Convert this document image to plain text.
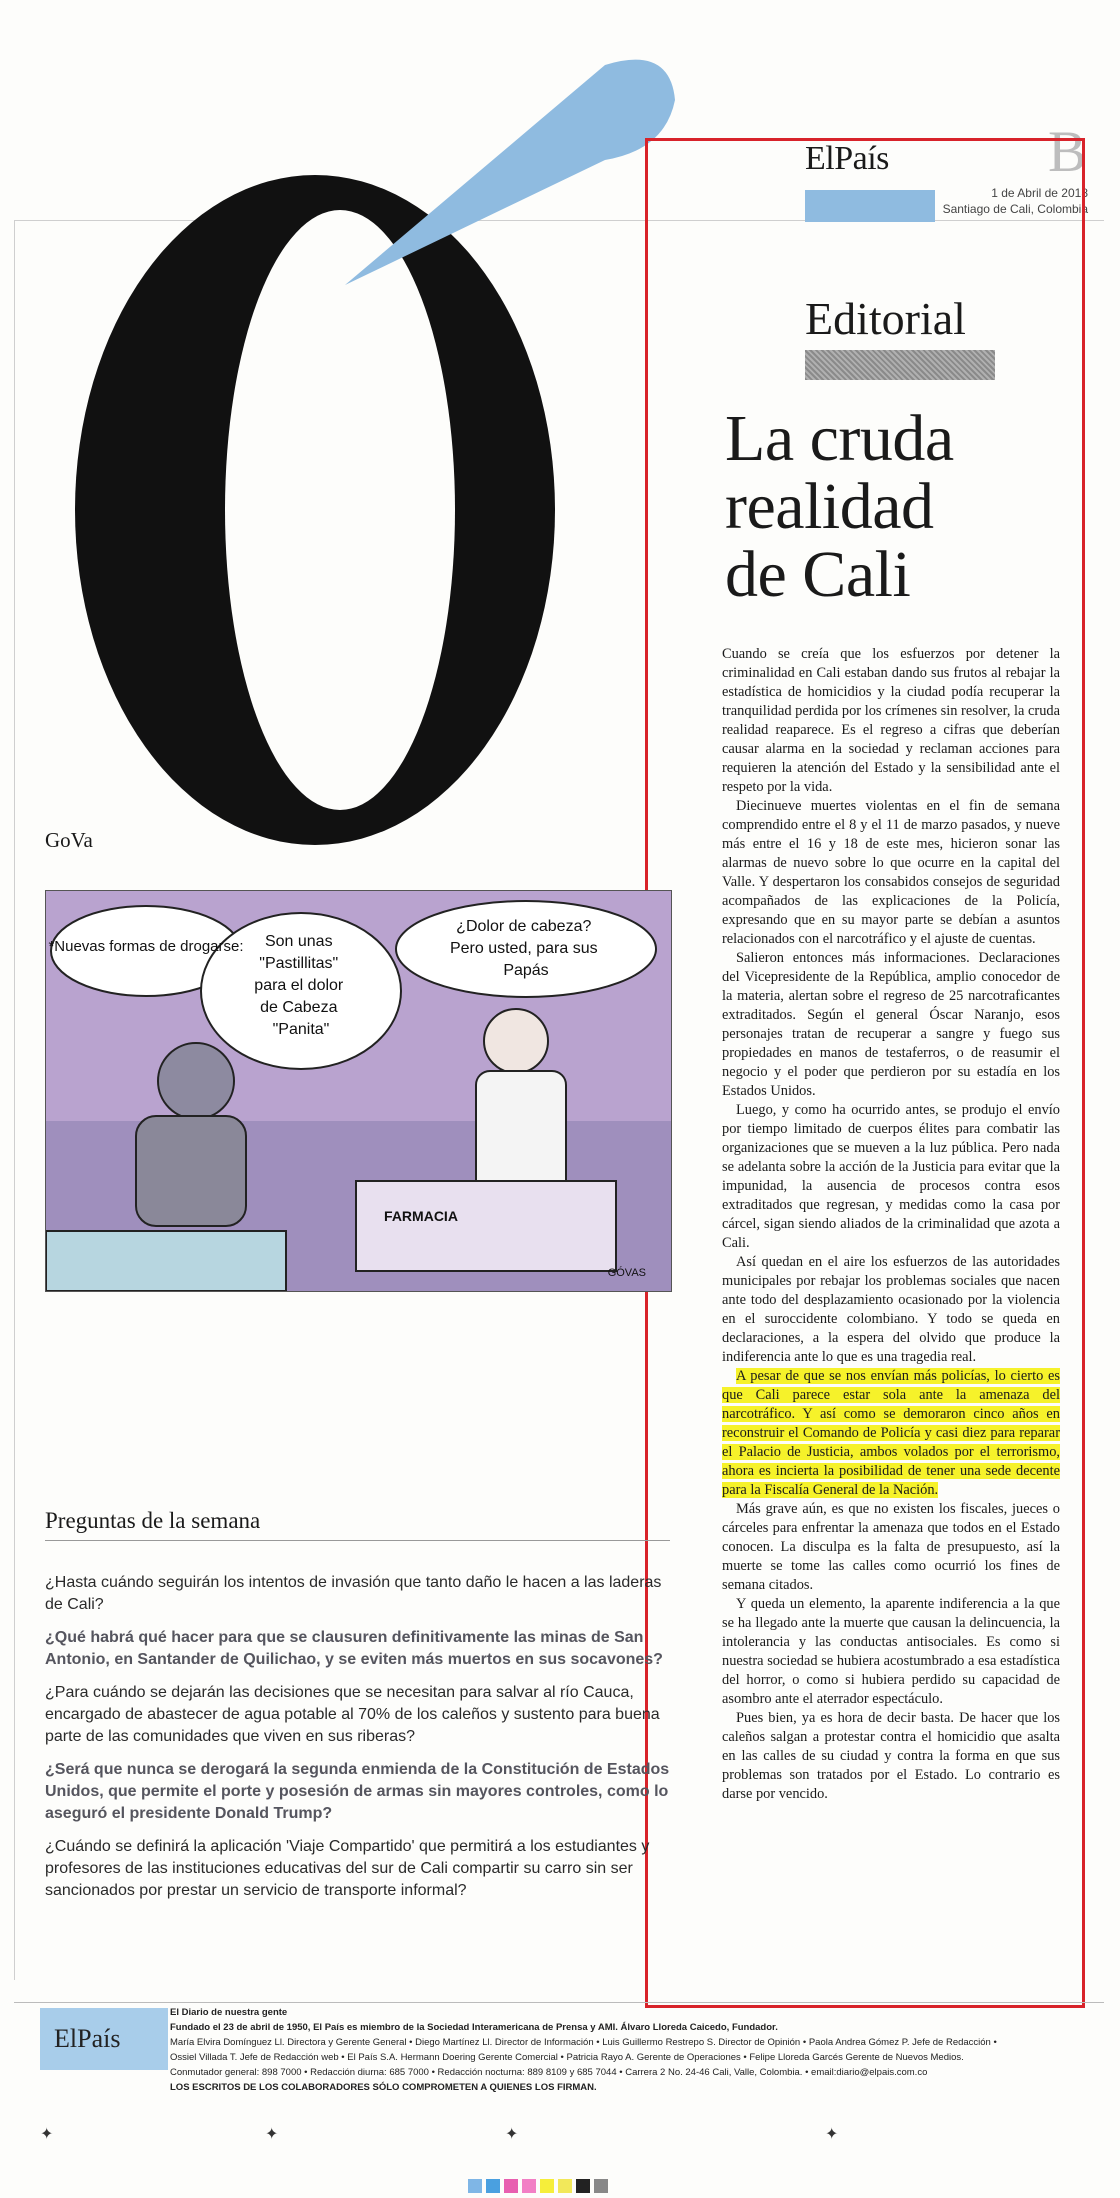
ElPaís	B
1 de Abril de 2018
Santiago de Cali, Colombia
Editorial
La cruda
realidad
de Cali

Cuando se creía que los esfuerzos por detener la criminalidad en Cali estaban dando sus frutos al rebajar la estadística de homicidios y la ciudad podía recuperar la tranquilidad perdida por los crímenes sin resolver, la cruda realidad reaparece. Es el regreso a cifras que deberían causar alarma en la sociedad y reclaman acciones para requieren la atención del Estado y la sensibilidad ante el respeto por la vida.

Diecinueve muertes violentas en el fin de semana comprendido entre el 8 y el 11 de marzo pasados, y nueve más entre el 16 y 18 de este mes, hicieron sonar las alarmas de nuevo sobre lo que ocurre en la capital del Valle. Y despertaron los consabidos consejos de seguridad acompañados de las explicaciones de la Policía, expresando que en su mayor parte se debían a asuntos relacionados con el narcotráfico y el ajuste de cuentas.

Salieron entonces más informaciones. Declaraciones del Vicepresidente de la República, amplio conocedor de la materia, alertan sobre el regreso de 25 narcotraficantes extraditados. Según el general Óscar Naranjo, esos personajes tratan de recuperar a sangre y fuego sus propiedades en manos de testaferros, o de reasumir el negocio y el poder que perdieron por su estadía en los Estados Unidos.

Luego, y como ha ocurrido antes, se produjo el envío por tiempo limitado de cuerpos élites para combatir las organizaciones que se mueven a la luz pública. Pero nada se adelanta sobre la acción de la Justicia para evitar que la impunidad, la ausencia de procesos contra esos extraditados que regresan, y medidas como la casa por cárcel, sigan siendo aliados de la criminalidad que azota a Cali.

Así quedan en el aire los esfuerzos de las autoridades municipales por rebajar los problemas sociales que nacen ante todo del desplazamiento ocasionado por la violencia en el suroccidente colombiano. Y todo se queda en declaraciones, a la espera del olvido que produce la indiferencia ante lo que es una tragedia real.

A pesar de que se nos envían más policías, lo cierto es que Cali parece estar sola ante la amenaza del narcotráfico. Y así como se demoraron cinco años en reconstruir el Comando de Policía y casi diez para reparar el Palacio de Justicia, ambos volados por el terrorismo, ahora es incierta la posibilidad de tener una sede decente para la Fiscalía General de la Nación.

Más grave aún, es que no existen los fiscales, jueces o cárceles para enfrentar la amenaza que todos en el Estado conocen. La disculpa es la falta de presupuesto, así la muerte se tome las calles como ocurrió los fines de semana citados.

Y queda un elemento, la aparente indiferencia a la que se ha llegado ante la muerte que causan la delincuencia, la intolerancia y las conductas antisociales. Es como si nuestra sociedad se hubiera acostumbrado a esa estadística del horror, o como si hubiera perdido su capacidad de asombro ante el aterrador espectáculo.

Pues bien, ya es hora de decir basta. De hacer que los caleños salgan a protestar contra el homicidio que asalta en las calles de su ciudad y contra la forma en que sus problemas son tratados por el Estado. Lo contrario es darse por vencido.

GoVa
*Nuevas formas de drogarse:	Son unas "Pastillitas" para el dolor de Cabeza "Panita"
¿Dolor de cabeza? Pero usted, para sus Papás
FARMACIA
GÓVAS
Preguntas de la semana

¿Hasta cuándo seguirán los intentos de invasión que tanto daño le hacen a las laderas de Cali?

¿Qué habrá qué hacer para que se clausuren definitivamente las minas de San Antonio, en Santander de Quilichao, y se eviten más muertos en sus socavones?

¿Para cuándo se dejarán las decisiones que se necesitan para salvar al río Cauca, encargado de abastecer de agua potable al 70% de los caleños y sustento para buena parte de las comunidades que viven en sus riberas?

¿Será que nunca se derogará la segunda enmienda de la Constitución de Estados Unidos, que permite el porte y posesión de armas sin mayores controles, como lo aseguró el presidente Donald Trump?

¿Cuándo se definirá la aplicación 'Viaje Compartido' que permitirá a los estudiantes y profesores de las instituciones educativas del sur de Cali compartir su carro sin ser sancionados por prestar un servicio de transporte informal?

ElPaís
El Diario de nuestra gente
Fundado el 23 de abril de 1950, El País es miembro de la Sociedad Interamericana de Prensa y AMI. Álvaro Lloreda Caicedo, Fundador.
María Elvira Domínguez Ll. Directora y Gerente General • Diego Martínez Ll. Director de Información • Luis Guillermo Restrepo S. Director de Opinión • Paola Andrea Gómez P. Jefe de Redacción •
Ossiel Villada T. Jefe de Redacción web • El País S.A. Hermann Doering Gerente Comercial • Patricia Rayo A. Gerente de Operaciones • Felipe Lloreda Garcés Gerente de Nuevos Medios.
Conmutador general: 898 7000 • Redacción diurna: 685 7000 • Redacción nocturna: 889 8109 y 685 7044 • Carrera 2 No. 24-46 Cali, Valle, Colombia. • email:diario@elpais.com.co
LOS ESCRITOS DE LOS COLABORADORES SÓLO COMPROMETEN A QUIENES LOS FIRMAN.
✦	✦	✦	✦
